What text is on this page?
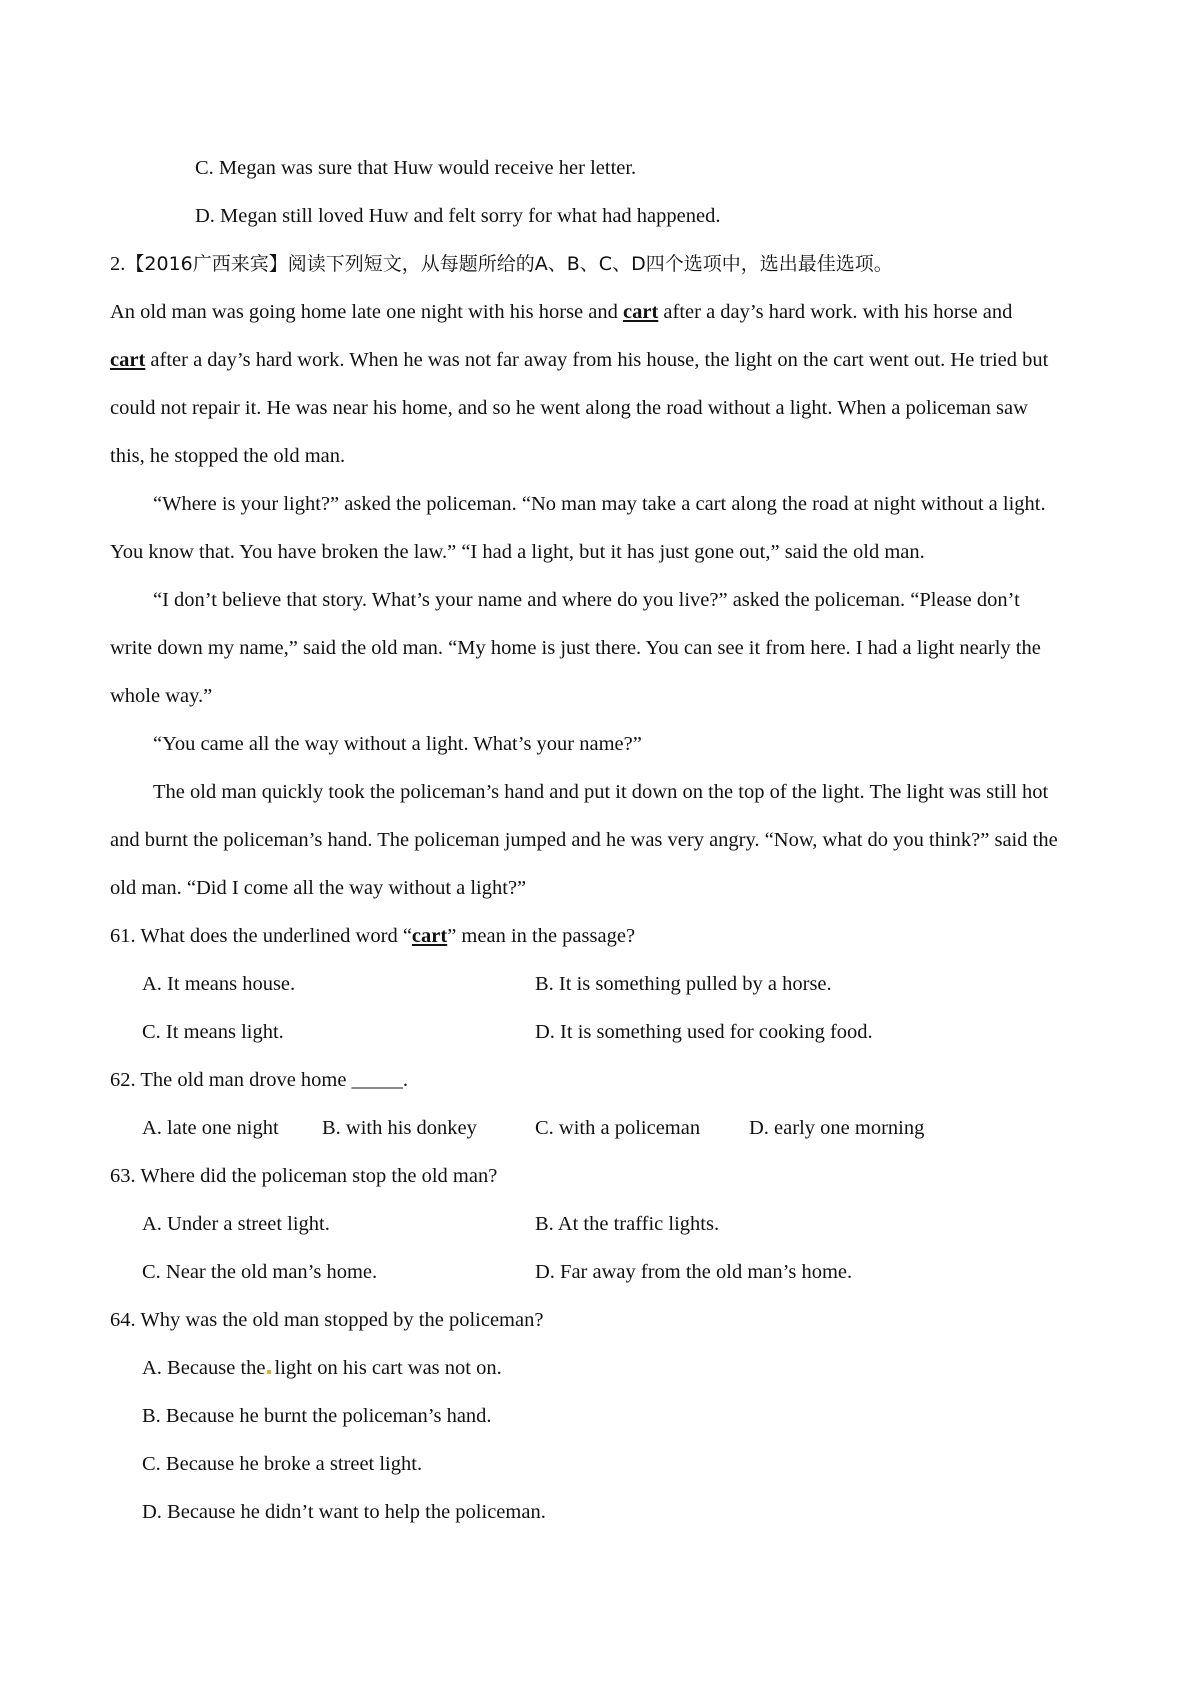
C. Megan was sure that Huw would receive her letter.
D. Megan still loved Huw and felt sorry for what had happened.
2.【2016广西来宾】阅读下列短文，从每题所给的A、B、C、D四个选项中，选出最佳选项。
An old man was going home late one night with his horse and cart after a day’s hard work. with his horse and
cart after a day’s hard work. When he was not far away from his house, the light on the cart went out. He tried but
could not repair it. He was near his home, and so he went along the road without a light. When a policeman saw
this, he stopped the old man.
“Where is your light?” asked the policeman. “No man may take a cart along the road at night without a light.
You know that. You have broken the law.” “I had a light, but it has just gone out,” said the old man.
“I don’t believe that story. What’s your name and where do you live?” asked the policeman. “Please don’t
write down my name,” said the old man. “My home is just there. You can see it from here. I had a light nearly the
whole way.”
“You came all the way without a light. What’s your name?”
The old man quickly took the policeman’s hand and put it down on the top of the light. The light was still hot
and burnt the policeman’s hand. The policeman jumped and he was very angry. “Now, what do you think?” said the
old man. “Did I come all the way without a light?”
61. What does the underlined word “cart” mean in the passage?
A. It means house.	B. It is something pulled by a horse.
C. It means light.	D. It is something used for cooking food.
62. The old man drove home _____.
A. late one night B. with his donkey	C. with a policeman D. early one morning
63. Where did the policeman stop the old man?
A. Under a street light.	B. At the traffic lights.
C. Near the old man’s home.	D. Far away from the old man’s home.
64. Why was the old man stopped by the policeman?
A. Because the light on his cart was not on.
B. Because he burnt the policeman’s hand.
C. Because he broke a street light.
D. Because he didn’t want to help the policeman.
